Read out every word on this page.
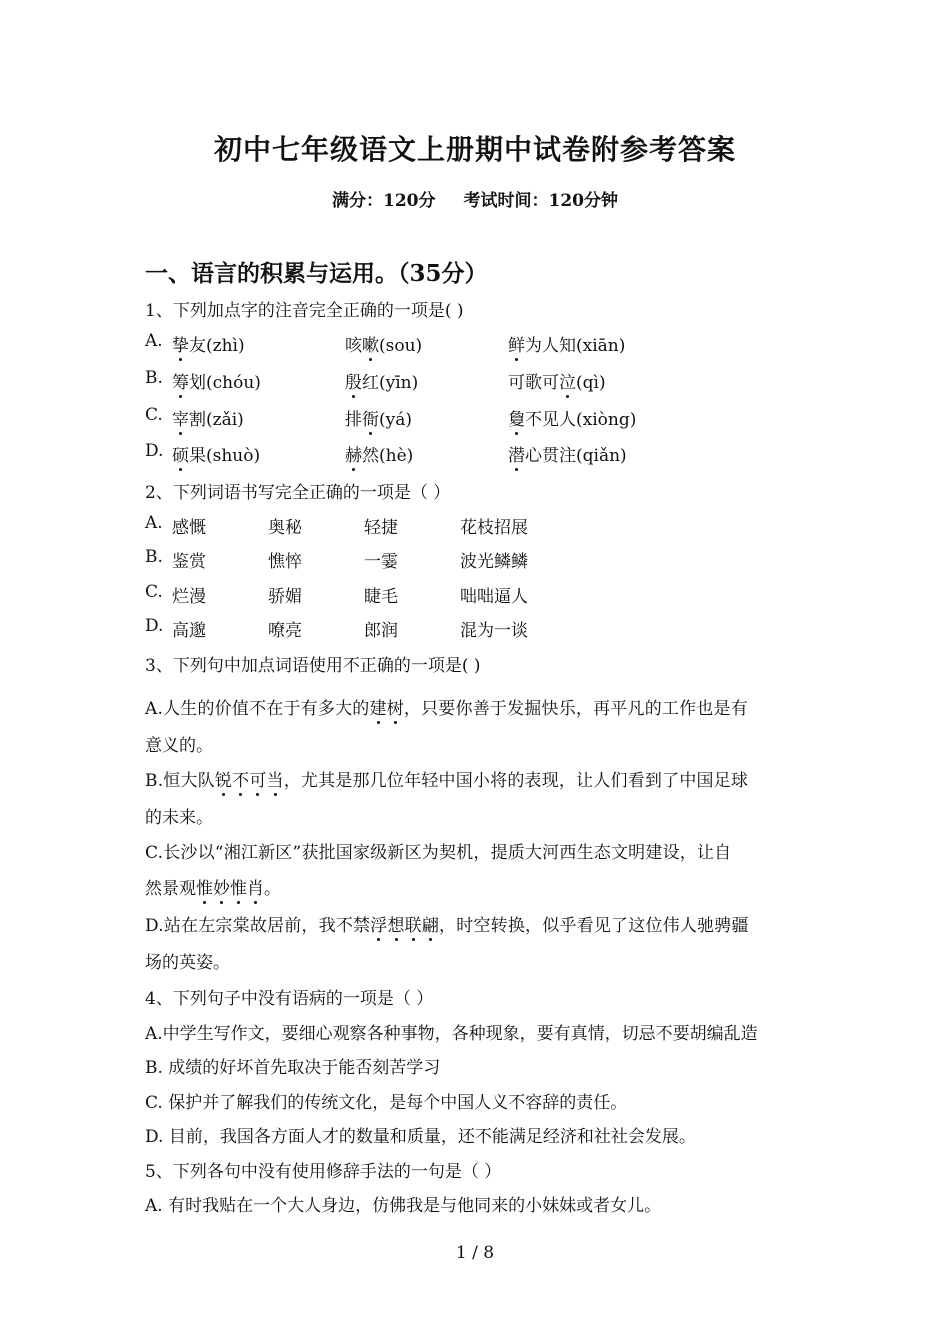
初中七年级语文上册期中试卷附参考答案
满分：120分 考试时间：120分钟
一、语言的积累与运用。（35分）
1、下列加点字的注音完全正确的一项是( )
A. 挚友(zhì)	咳嗽(sou)	鲜为人知(xiān)
B. 筹划(chóu)	殷红(yīn)	可歌可泣(qì)
C. 宰割(zǎi)	排衙(yá)	敻不见人(xiòng)
D. 硕果(shuò)	赫然(hè)	潜心贯注(qiǎn)
2、下列词语书写完全正确的一项是（ ）
A. 感慨	奥秘	轻捷	花枝招展
B. 鉴赏	憔悴	一霎	波光鳞鳞
C. 烂漫	骄媚	睫毛	咄咄逼人
D. 高邈	嘹亮	郎润	混为一谈
3、下列句中加点词语使用不正确的一项是( )
A.人生的价值不在于有多大的建树，只要你善于发掘快乐，再平凡的工作也是有
意义的。
B.恒大队锐不可当，尤其是那几位年轻中国小将的表现，让人们看到了中国足球
的未来。
C.长沙以“湘江新区”获批国家级新区为契机，提质大河西生态文明建设，让自
然景观惟妙惟肖。
D.站在左宗棠故居前，我不禁浮想联翩，时空转换，似乎看见了这位伟人驰骋疆
场的英姿。
4、下列句子中没有语病的一项是（ ）
A.中学生写作文，要细心观察各种事物，各种现象，要有真情，切忌不要胡编乱造
B. 成绩的好坏首先取决于能否刻苦学习
C. 保护并了解我们的传统文化，是每个中国人义不容辞的责任。
D. 目前，我国各方面人才的数量和质量，还不能满足经济和社社会发展。
5、下列各句中没有使用修辞手法的一句是（ ）
A. 有时我贴在一个大人身边，仿佛我是与他同来的小妹妹或者女儿。
1 / 8
